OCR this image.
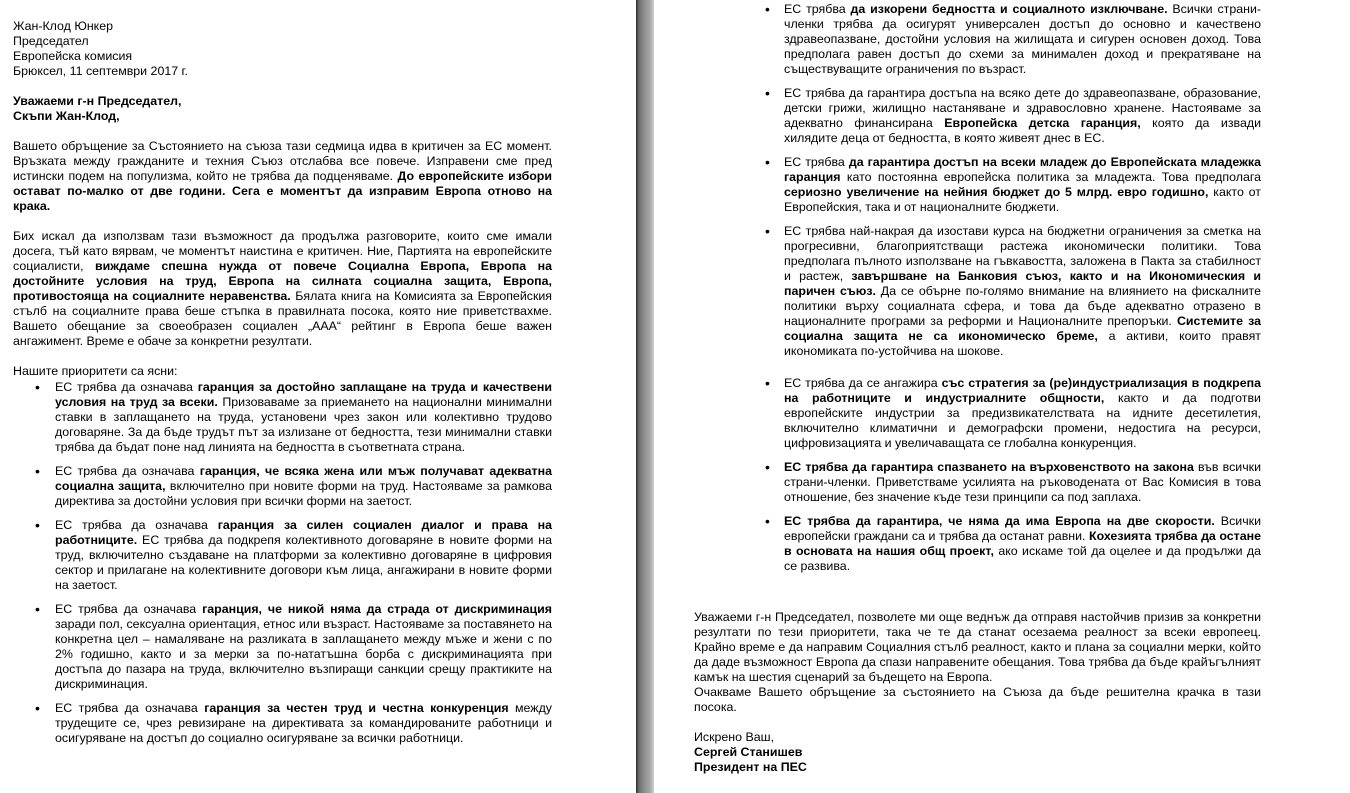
Жан-Клод Юнкер

Председател

Европейска комисия

Брюксел, 11 септември 2017 г.

Уважаеми г-н Председател,

Скъпи Жан-Клод,

Вашето обръщение за Състоянието на съюза тази седмица идва в критичен за ЕС момент. Връзката между гражданите и техния Съюз отслабва все повече. Изправени сме пред истински подем на популизма, който не трябва да подценяваме. До европейските избори остават по-малко от две години. Сега е моментът да изправим Европа отново на крака.

Бих искал да използвам тази възможност да продължа разговорите, които сме имали досега, тъй като вярвам, че моментът наистина е критичен. Ние, Партията на европейските социалисти, виждаме спешна нужда от повече Социална Европа, Европа на достойните условия на труд, Европа на силната социална защита, Европа, противостояща на социалните неравенства. Бялата книга на Комисията за Европейския стълб на социалните права беше стъпка в правилната посока, която ние приветствахме. Вашето обещание за своеобразен социален „ААА“ рейтинг в Европа беше важен ангажимент. Време е обаче за конкретни резултати.

Нашите приоритети са ясни:

• ЕС трябва да означава гаранция за достойно заплащане на труда и качествени условия на труд за всеки. Призоваваме за приемането на национални минимални ставки в заплащането на труда, установени чрез закон или колективно трудово договаряне. За да бъде трудът път за излизане от бедността, тези минимални ставки трябва да бъдат поне над линията на бедността в съответната страна.
• ЕС трябва да означава гаранция, че всяка жена или мъж получават адекватна социална защита, включително при новите форми на труд. Настояваме за рамкова директива за достойни условия при всички форми на заетост.
• ЕС трябва да означава гаранция за силен социален диалог и права на работниците. ЕС трябва да подкрепя колективното договаряне в новите форми на труд, включително създаване на платформи за колективно договаряне в цифровия сектор и прилагане на колективните договори към лица, ангажирани в новите форми на заетост.
• ЕС трябва да означава гаранция, че никой няма да страда от дискриминация заради пол, сексуална ориентация, етнос или възраст. Настояваме за поставянето на конкретна цел – намаляване на разликата в заплащането между мъже и жени с по 2% годишно, както и за мерки за по-нататъшна борба с дискриминацията при достъпа до пазара на труда, включително възпиращи санкции срещу практиките на дискриминация.
• ЕС трябва да означава гаранция за честен труд и честна конкуренция между трудещите се, чрез ревизиране на директивата за командированите работници и осигуряване на достъп до социално осигуряване за всички работници.
• ЕС трябва да изкорени бедността и социалното изключване. Всички страни-членки трябва да осигурят универсален достъп до основно и качествено здравеопазване, достойни условия на жилищата и сигурен основен доход. Това предполага равен достъп до схеми за минимален доход и прекратяване на съществуващите ограничения по възраст.
• ЕС трябва да гарантира достъпа на всяко дете до здравеопазване, образование, детски грижи, жилищно настаняване и здравословно хранене. Настояваме за адекватно финансирана Европейска детска гаранция, която да извади хилядите деца от бедността, в която живеят днес в ЕС.
• ЕС трябва да гарантира достъп на всеки младеж до Европейската младежка гаранция като постоянна европейска политика за младежта. Това предполага сериозно увеличение на нейния бюджет до 5 млрд. евро годишно, както от Европейския, така и от националните бюджети.
• ЕС трябва най-накрая да изостави курса на бюджетни ограничения за сметка на прогресивни, благоприятстващи растежа икономически политики. Това предполага пълното използване на гъвкавостта, заложена в Пакта за стабилност и растеж, завършване на Банковия съюз, както и на Икономическия и паричен съюз. Да се обърне по-голямо внимание на влиянието на фискалните политики върху социалната сфера, и това да бъде адекватно отразено в националните програми за реформи и Националните препоръки. Системите за социална защита не са икономическо бреме, а активи, които правят икономиката по-устойчива на шокове.
• ЕС трябва да се ангажира със стратегия за (ре)индустриализация в подкрепа на работниците и индустриалните общности, както и да подготви европейските индустрии за предизвикателствата на идните десетилетия, включително климатични и демографски промени, недостига на ресурси, цифровизацията и увеличаващата се глобална конкуренция.
• ЕС трябва да гарантира спазването на върховенството на закона във всички страни-членки. Приветстваме усилията на ръководената от Вас Комисия в това отношение, без значение къде тези принципи са под заплаха.
• ЕС трябва да гарантира, че няма да има Европа на две скорости. Всички европейски граждани са и трябва да останат равни. Кохезията трябва да остане в основата на нашия общ проект, ако искаме той да оцелее и да продължи да се развива.

Уважаеми г-н Председател, позволете ми още веднъж да отправя настойчив призив за конкретни резултати по тези приоритети, така че те да станат осезаема реалност за всеки европеец. Крайно време е да направим Социалния стълб реалност, както и плана за социални мерки, който да даде възможност Европа да спази направените обещания. Това трябва да бъде крайъгълният камък на шестия сценарий за бъдещето на Европа.

Очакваме Вашето обръщение за състоянието на Съюза да бъде решителна крачка в тази посока.

Искрено Ваш,

Сергей Станишев

Президент на ПЕС
